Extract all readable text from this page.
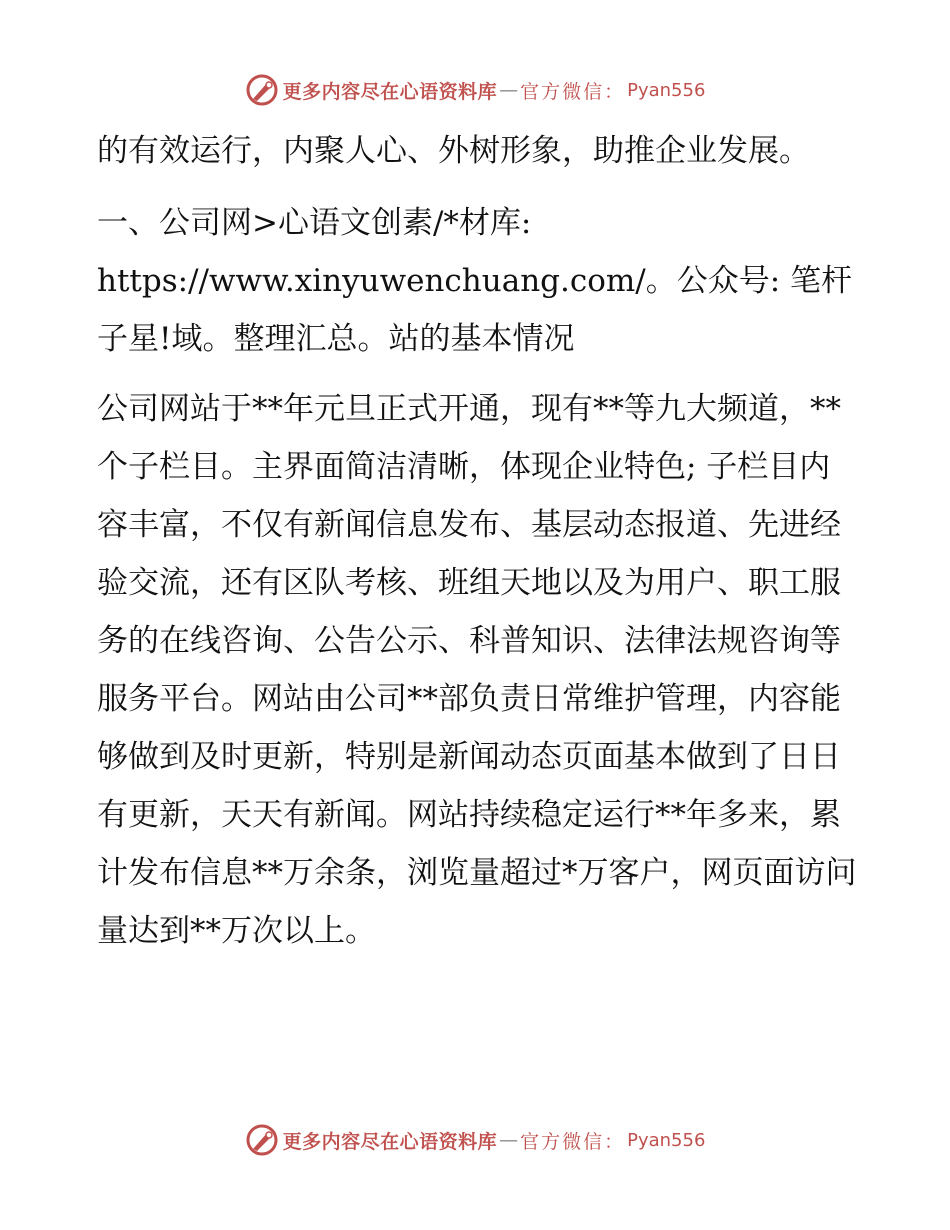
更多内容尽在心语资料库 — 官方微信： Pyan556

的有效运行，内聚人心、外树形象，助推企业发展。

一、公司网>心语文创素/*材库: https://www.xinyuwenchuang.com/。公众号: 笔杆子星!域。整理汇总。站的基本情况

公司网站于**年元旦正式开通，现有**等九大频道，**个子栏目。主界面简洁清晰，体现企业特色; 子栏目内容丰富，不仅有新闻信息发布、基层动态报道、先进经验交流，还有区队考核、班组天地以及为用户、职工服务的在线咨询、公告公示、科普知识、法律法规咨询等服务平台。网站由公司**部负责日常维护管理，内容能够做到及时更新，特别是新闻动态页面基本做到了日日有更新，天天有新闻。网站持续稳定运行**年多来，累计发布信息**万余条，浏览量超过*万客户，网页面访问量达到**万次以上。

更多内容尽在心语资料库 — 官方微信： Pyan556
